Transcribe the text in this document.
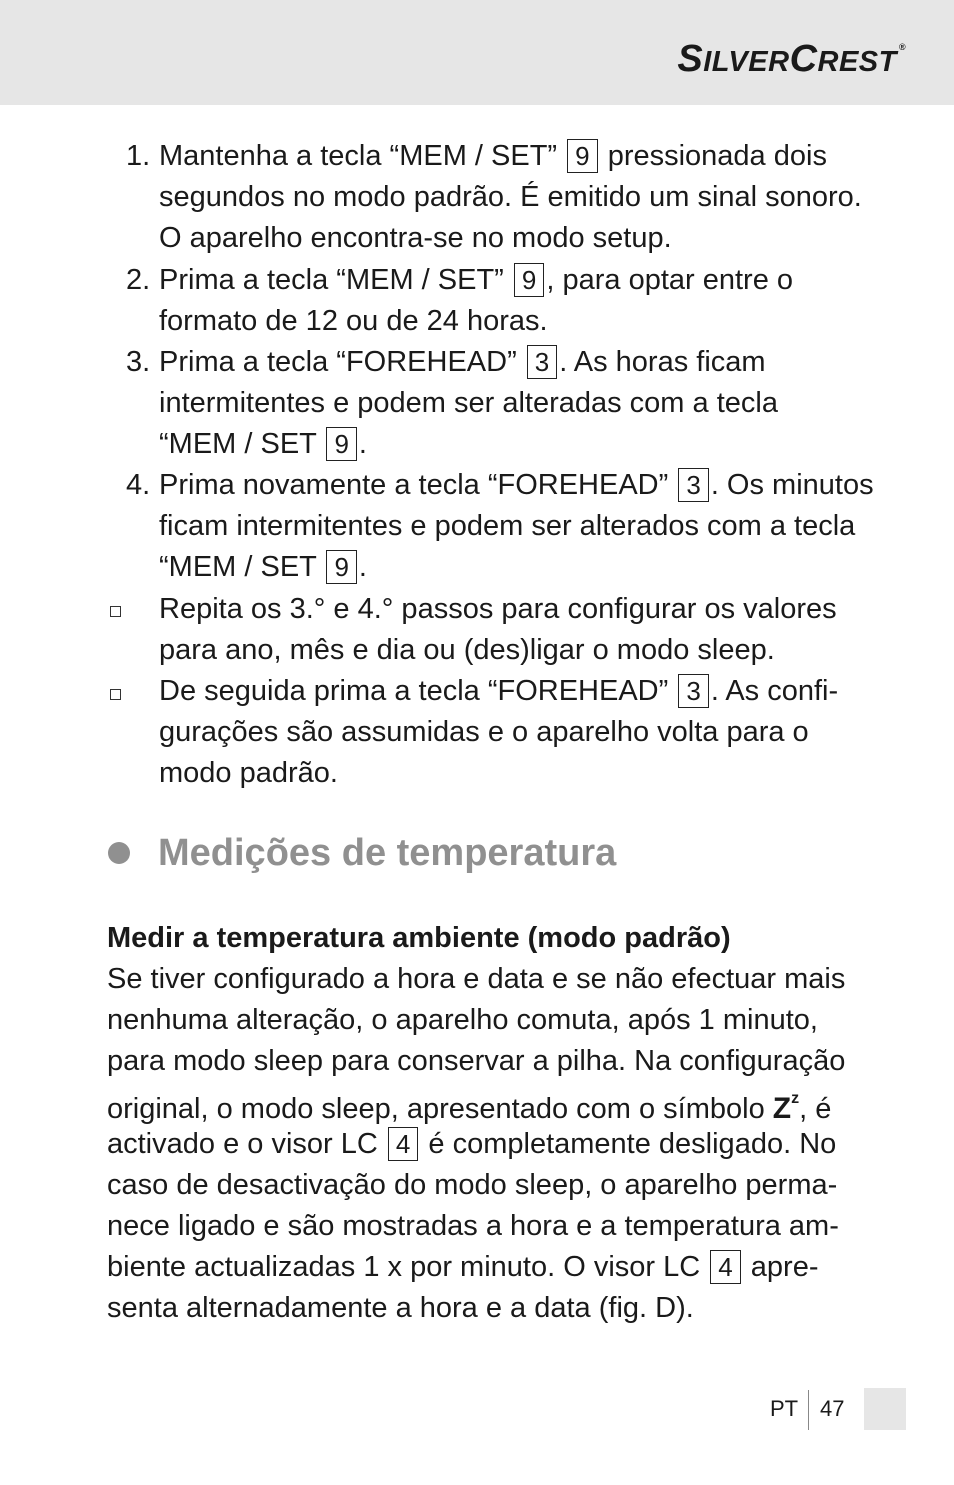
SILVERCREST ®
1. Mantenha a tecla “MEM / SET” 9 pressionada dois
segundos no modo padrão. É emitido um sinal sonoro.
O aparelho encontra-se no modo setup.
2. Prima a tecla “MEM / SET” 9 , para optar entre o
formato de 12 ou de 24 horas.
3. Prima a tecla “FOREHEAD” 3 . As horas ficam
intermitentes e podem ser alteradas com a tecla
“MEM / SET 9 .
4. Prima novamente a tecla “FOREHEAD” 3 . Os minutos
ficam intermitentes e podem ser alterados com a tecla
“MEM / SET 9 .
Repita os 3.° e 4.° passos para configurar os valores
para ano, mês e dia ou (des)ligar o modo sleep.
De seguida prima a tecla “FOREHEAD” 3 . As confi-
gurações são assumidas e o aparelho volta para o
modo padrão.
Medições de temperatura
Medir a temperatura ambiente (modo padrão)
Se tiver configurado a hora e data e se não efectuar mais
nenhuma alteração, o aparelho comuta, após 1 minuto,
para modo sleep para conservar a pilha. Na configuração
original, o modo sleep, apresentado com o símbolo $Z^z$, é
activado e o visor LC 4 é completamente desligado. No
caso de desactivação do modo sleep, o aparelho perma-
nece ligado e são mostradas a hora e a temperatura am-
biente actualizadas 1 x por minuto. O visor LC 4 apre-
senta alternadamente a hora e a data (fig. D).
PT 47
